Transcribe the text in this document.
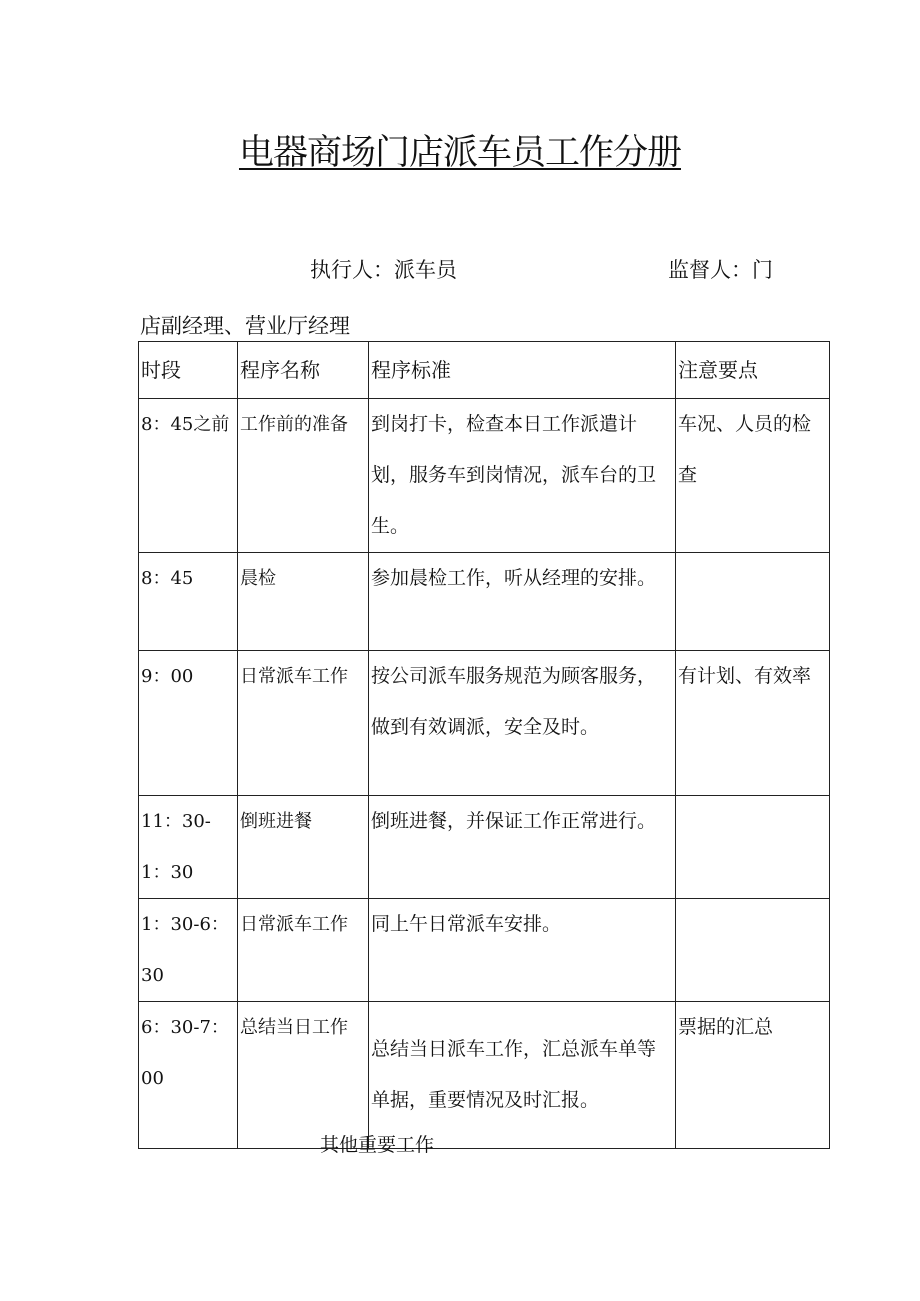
电器商场门店派车员工作分册
执行人：派车员	监督人：门
店副经理、营业厅经理
时段	程序名称	程序标准	注意要点
8：45之前	工作前的准备	到岗打卡，检查本日工作派遣计划，服务车到岗情况，派车台的卫生。	车况、人员的检查
8：45	晨检	参加晨检工作，听从经理的安排。	
9：00	日常派车工作	按公司派车服务规范为顾客服务，做到有效调派，安全及时。	有计划、有效率
11：30-1：30	倒班进餐	倒班进餐，并保证工作正常进行。	
1：30-6：30	日常派车工作	同上午日常派车安排。	
6：30-7：00	总结当日工作	总结当日派车工作，汇总派车单等单据，重要情况及时汇报。	票据的汇总
其他重要工作
